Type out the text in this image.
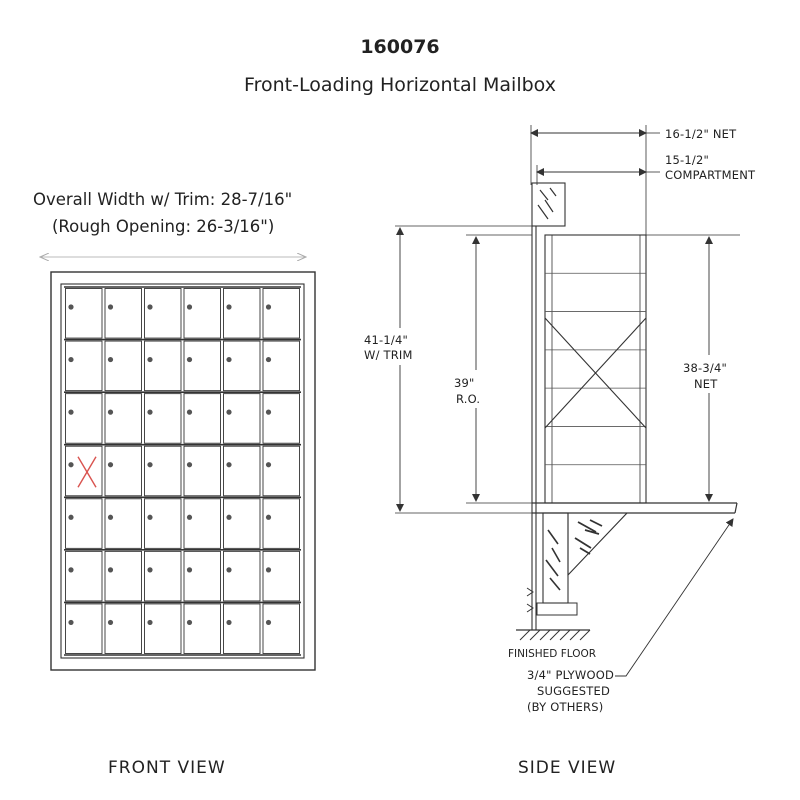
160076
Front-Loading Horizontal Mailbox
Overall Width w/ Trim: 28-7/16"
(Rough Opening: 26-3/16")
FRONT VIEW
16-1/2" NET
15-1/2"
COMPARTMENT
41-1/4"
W/ TRIM
39"
R.O.
38-3/4"
NET
FINISHED FLOOR
3/4" PLYWOOD
SUGGESTED
(BY OTHERS)
SIDE VIEW
